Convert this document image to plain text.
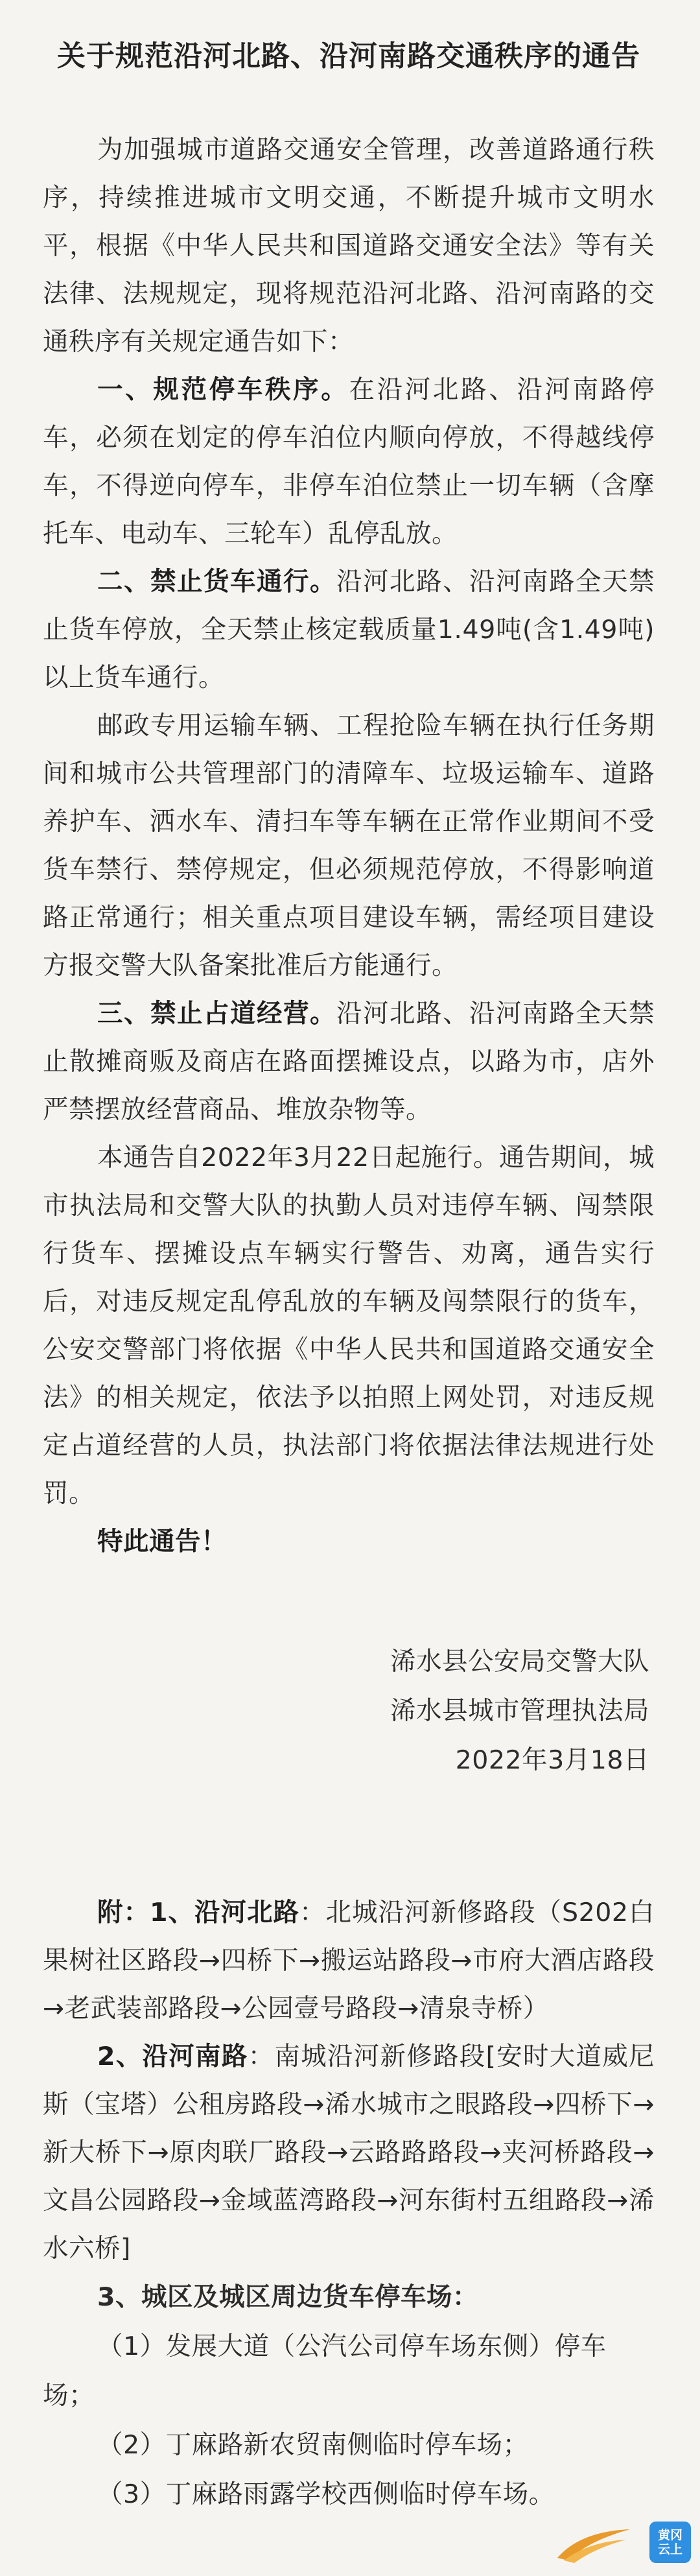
关于规范沿河北路、沿河南路交通秩序的通告

为加强城市道路交通安全管理，改善道路通行秩序，持续推进城市文明交通，不断提升城市文明水平，根据《中华人民共和国道路交通安全法》等有关法律、法规规定，现将规范沿河北路、沿河南路的交通秩序有关规定通告如下：

一、规范停车秩序。在沿河北路、沿河南路停车，必须在划定的停车泊位内顺向停放，不得越线停车，不得逆向停车，非停车泊位禁止一切车辆（含摩托车、电动车、三轮车）乱停乱放。

二、禁止货车通行。沿河北路、沿河南路全天禁止货车停放，全天禁止核定载质量1.49吨(含1.49吨)以上货车通行。

邮政专用运输车辆、工程抢险车辆在执行任务期间和城市公共管理部门的清障车、垃圾运输车、道路养护车、洒水车、清扫车等车辆在正常作业期间不受货车禁行、禁停规定，但必须规范停放，不得影响道路正常通行；相关重点项目建设车辆，需经项目建设方报交警大队备案批准后方能通行。

三、禁止占道经营。沿河北路、沿河南路全天禁止散摊商贩及商店在路面摆摊设点，以路为市，店外严禁摆放经营商品、堆放杂物等。

本通告自2022年3月22日起施行。通告期间，城市执法局和交警大队的执勤人员对违停车辆、闯禁限行货车、摆摊设点车辆实行警告、劝离，通告实行后，对违反规定乱停乱放的车辆及闯禁限行的货车，公安交警部门将依据《中华人民共和国道路交通安全法》的相关规定，依法予以拍照上网处罚，对违反规定占道经营的人员，执法部门将依据法律法规进行处罚。

特此通告！

浠水县公安局交警大队
浠水县城市管理执法局
2022年3月18日

附：1、沿河北路：北城沿河新修路段（S202白果树社区路段→四桥下→搬运站路段→市府大酒店路段→老武装部路段→公园壹号路段→清泉寺桥）

2、沿河南路：南城沿河新修路段[安时大道威尼斯（宝塔）公租房路段→浠水城市之眼路段→四桥下→新大桥下→原肉联厂路段→云路路路段→夹河桥路段→文昌公园路段→金域蓝湾路段→河东街村五组路段→浠水六桥]

3、城区及城区周边货车停车场：

（1）发展大道（公汽公司停车场东侧）停车场；

（2）丁麻路新农贸南侧临时停车场；

（3）丁麻路雨露学校西侧临时停车场。

黄冈
云上
